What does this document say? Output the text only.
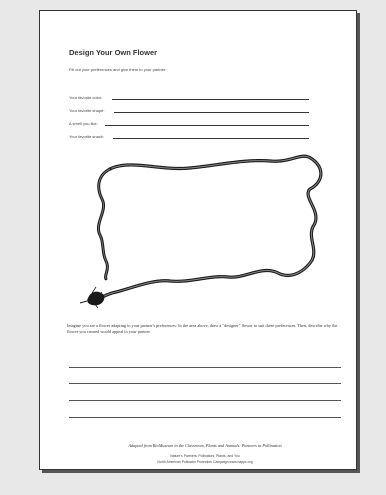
Design Your Own Flower
Fill out your preferences and give them to your partner:
Your favorite color:
Your favorite shape:
A smell you like:
Your favorite snack:
Imagine you are a flower adapting to your partner's preferences. In the area above, draw a "designer" flower to suit these preferences. Then, describe why the flower you created would appeal to your partner.
Adapted from BioMuseum in the Classroom, Plants and Animals: Partners in Pollination
Nature's Partners: Pollinators, Plants, and You
North American Pollinator Protection Campaign www.nappc.org
